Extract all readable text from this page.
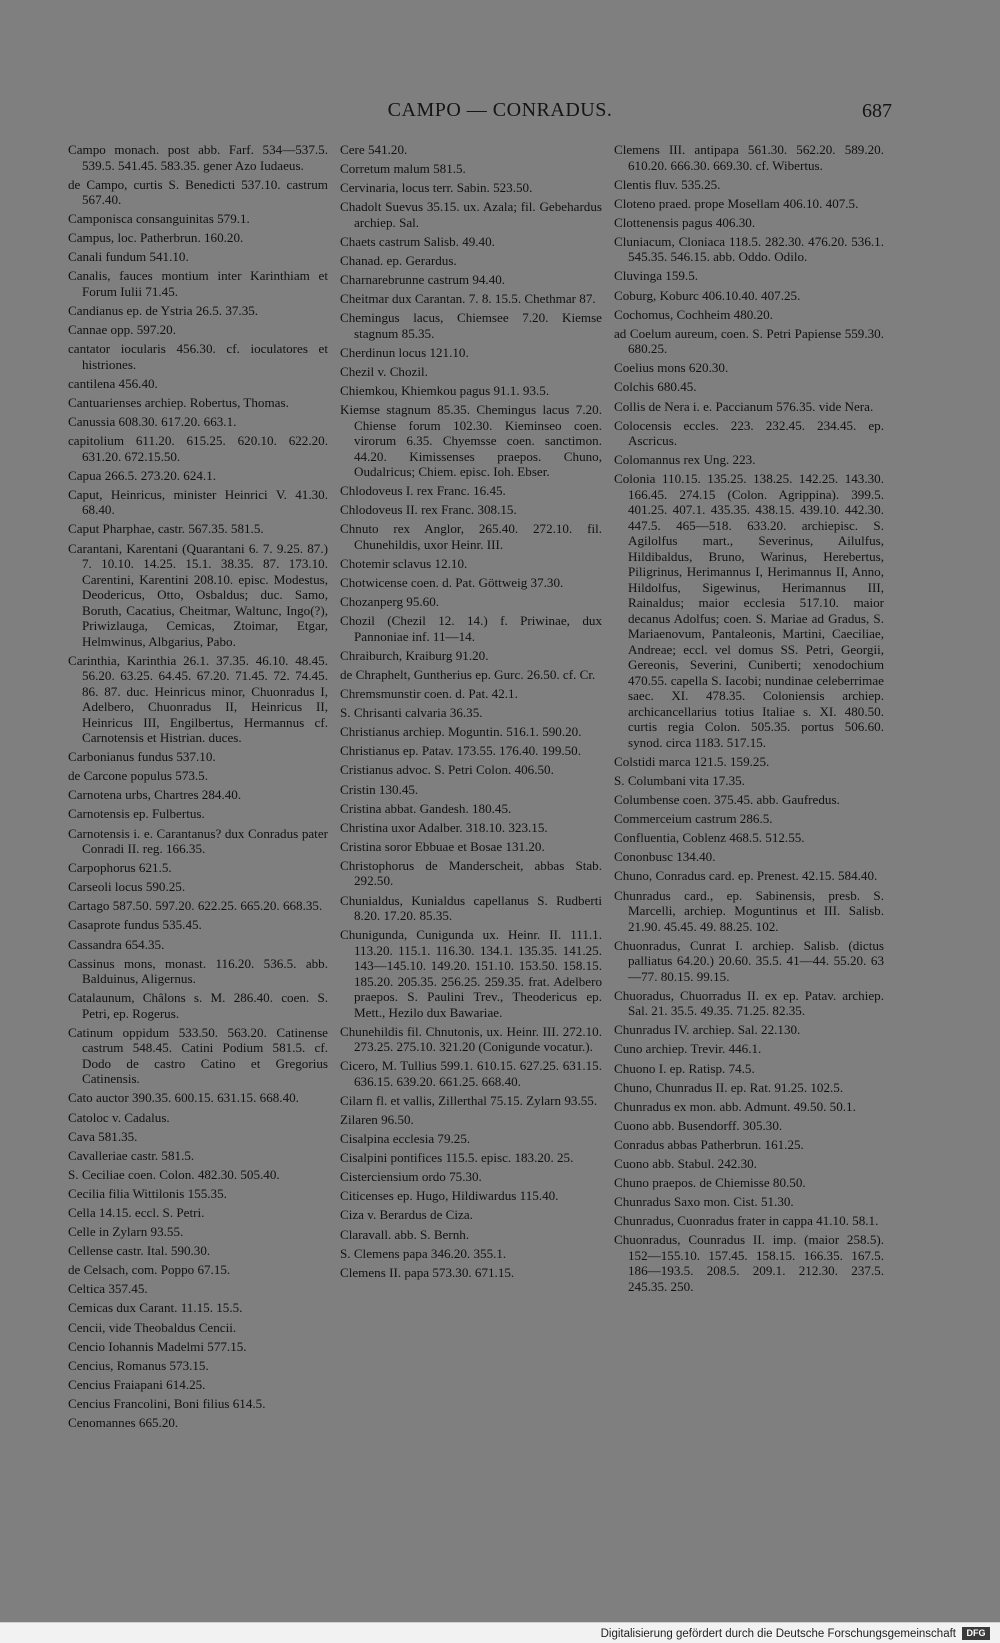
CAMPO — CONRADUS.	687

Campo monach. post abb. Farf. 534—537.5. 539.5. 541.45. 583.35. gener Azo Iudaeus.

de Campo, curtis S. Benedicti 537.10. castrum 567.40.

Camponisca consanguinitas 579.1.

Campus, loc. Patherbrun. 160.20.

Canali fundum 541.10.

Canalis, fauces montium inter Karinthiam et Forum Iulii 71.45.

Candianus ep. de Ystria 26.5. 37.35.

Cannae opp. 597.20.

cantator iocularis 456.30. cf. ioculatores et histriones.

cantilena 456.40.

Cantuarienses archiep. Robertus, Thomas.

Canussia 608.30. 617.20. 663.1.

capitolium 611.20. 615.25. 620.10. 622.20. 631.20. 672.15.50.

Capua 266.5. 273.20. 624.1.

Caput, Heinricus, minister Heinrici V. 41.30. 68.40.

Caput Pharphae, castr. 567.35. 581.5.

Carantani, Karentani (Quarantani 6. 7. 9.25. 87.) 7. 10.10. 14.25. 15.1. 38.35. 87. 173.10. Carentini, Karentini 208.10. episc. Modestus, Deodericus, Otto, Osbaldus; duc. Samo, Boruth, Cacatius, Cheitmar, Waltunc, Ingo(?), Priwizlauga, Cemicas, Ztoimar, Etgar, Helmwinus, Albgarius, Pabo.

Carinthia, Karinthia 26.1. 37.35. 46.10. 48.45. 56.20. 63.25. 64.45. 67.20. 71.45. 72. 74.45. 86. 87. duc. Heinricus minor, Chuonradus I, Adelbero, Chuonradus II, Heinricus II, Heinricus III, Engilbertus, Hermannus cf. Carnotensis et Histrian. duces.

Carbonianus fundus 537.10.

de Carcone populus 573.5.

Carnotena urbs, Chartres 284.40.

Carnotensis ep. Fulbertus.

Carnotensis i. e. Carantanus? dux Conradus pater Conradi II. reg. 166.35.

Carpophorus 621.5.

Carseoli locus 590.25.

Cartago 587.50. 597.20. 622.25. 665.20. 668.35.

Casaprote fundus 535.45.

Cassandra 654.35.

Cassinus mons, monast. 116.20. 536.5. abb. Balduinus, Aligernus.

Catalaunum, Châlons s. M. 286.40. coen. S. Petri, ep. Rogerus.

Catinum oppidum 533.50. 563.20. Catinense castrum 548.45. Catini Podium 581.5. cf. Dodo de castro Catino et Gregorius Catinensis.

Cato auctor 390.35. 600.15. 631.15. 668.40.

Catoloc v. Cadalus.

Cava 581.35.

Cavalleriae castr. 581.5.

S. Ceciliae coen. Colon. 482.30. 505.40.

Cecilia filia Wittilonis 155.35.

Cella 14.15. eccl. S. Petri.

Celle in Zylarn 93.55.

Cellense castr. Ital. 590.30.

de Celsach, com. Poppo 67.15.

Celtica 357.45.

Cemicas dux Carant. 11.15. 15.5.

Cencii, vide Theobaldus Cencii.

Cencio Iohannis Madelmi 577.15.

Cencius, Romanus 573.15.

Cencius Fraiapani 614.25.

Cencius Francolini, Boni filius 614.5.

Cenomannes 665.20.

Cere 541.20.

Corretum malum 581.5.

Cervinaria, locus terr. Sabin. 523.50.

Chadolt Suevus 35.15. ux. Azala; fil. Gebehardus archiep. Sal.

Chaets castrum Salisb. 49.40.

Chanad. ep. Gerardus.

Charnarebrunne castrum 94.40.

Cheitmar dux Carantan. 7. 8. 15.5. Chethmar 87.

Chemingus lacus, Chiemsee 7.20. Kiemse stagnum 85.35.

Cherdinun locus 121.10.

Chezil v. Chozil.

Chiemkou, Khiemkou pagus 91.1. 93.5.

Kiemse stagnum 85.35. Chemingus lacus 7.20. Chiense forum 102.30. Kieminseo coen. virorum 6.35. Chyemsse coen. sanctimon. 44.20. Kimissenses praepos. Chuno, Oudalricus; Chiem. episc. Ioh. Ebser.

Chlodoveus I. rex Franc. 16.45.

Chlodoveus II. rex Franc. 308.15.

Chnuto rex Anglor, 265.40. 272.10. fil. Chunehildis, uxor Heinr. III.

Chotemir sclavus 12.10.

Chotwicense coen. d. Pat. Göttweig 37.30.

Chozanperg 95.60.

Chozil (Chezil 12. 14.) f. Priwinae, dux Pannoniae inf. 11—14.

Chraiburch, Kraiburg 91.20.

de Chraphelt, Guntherius ep. Gurc. 26.50. cf. Cr.

Chremsmunstir coen. d. Pat. 42.1.

S. Chrisanti calvaria 36.35.

Christianus archiep. Moguntin. 516.1. 590.20.

Christianus ep. Patav. 173.55. 176.40. 199.50.

Cristianus advoc. S. Petri Colon. 406.50.

Cristin 130.45.

Cristina abbat. Gandesh. 180.45.

Christina uxor Adalber. 318.10. 323.15.

Cristina soror Ebbuae et Bosae 131.20.

Christophorus de Manderscheit, abbas Stab. 292.50.

Chunialdus, Kunialdus capellanus S. Rudberti 8.20. 17.20. 85.35.

Chunigunda, Cunigunda ux. Heinr. II. 111.1. 113.20. 115.1. 116.30. 134.1. 135.35. 141.25. 143—145.10. 149.20. 151.10. 153.50. 158.15. 185.20. 205.35. 256.25. 259.35. frat. Adelbero praepos. S. Paulini Trev., Theodericus ep. Mett., Hezilo dux Bawariae.

Chunehildis fil. Chnutonis, ux. Heinr. III. 272.10. 273.25. 275.10. 321.20 (Conigunde vocatur.).

Cicero, M. Tullius 599.1. 610.15. 627.25. 631.15. 636.15. 639.20. 661.25. 668.40.

Cilarn fl. et vallis, Zillerthal 75.15. Zylarn 93.55.

Zilaren 96.50.

Cisalpina ecclesia 79.25.

Cisalpini pontifices 115.5. episc. 183.20. 25.

Cisterciensium ordo 75.30.

Citicenses ep. Hugo, Hildiwardus 115.40.

Ciza v. Berardus de Ciza.

Claravall. abb. S. Bernh.

S. Clemens papa 346.20. 355.1.

Clemens II. papa 573.30. 671.15.

Clemens III. antipapa 561.30. 562.20. 589.20. 610.20. 666.30. 669.30. cf. Wibertus.

Clentis fluv. 535.25.

Cloteno praed. prope Mosellam 406.10. 407.5.

Clottenensis pagus 406.30.

Cluniacum, Cloniaca 118.5. 282.30. 476.20. 536.1. 545.35. 546.15. abb. Oddo. Odilo.

Cluvinga 159.5.

Coburg, Koburc 406.10.40. 407.25.

Cochomus, Cochheim 480.20.

ad Coelum aureum, coen. S. Petri Papiense 559.30. 680.25.

Coelius mons 620.30.

Colchis 680.45.

Collis de Nera i. e. Paccianum 576.35. vide Nera.

Colocensis eccles. 223. 232.45. 234.45. ep. Ascricus.

Colomannus rex Ung. 223.

Colonia 110.15. 135.25. 138.25. 142.25. 143.30. 166.45. 274.15 (Colon. Agrippina). 399.5. 401.25. 407.1. 435.35. 438.15. 439.10. 442.30. 447.5. 465—518. 633.20. archiepisc. S. Agilolfus mart., Severinus, Ailulfus, Hildibaldus, Bruno, Warinus, Herebertus, Piligrinus, Herimannus I, Herimannus II, Anno, Hildolfus, Sigewinus, Herimannus III, Rainaldus; maior ecclesia 517.10. maior decanus Adolfus; coen. S. Mariae ad Gradus, S. Mariaenovum, Pantaleonis, Martini, Caeciliae, Andreae; eccl. vel domus SS. Petri, Georgii, Gereonis, Severini, Cuniberti; xenodochium 470.55. capella S. Iacobi; nundinae celeberrimae saec. XI. 478.35. Coloniensis archiep. archicancellarius totius Italiae s. XI. 480.50. curtis regia Colon. 505.35. portus 506.60. synod. circa 1183. 517.15.

Colstidi marca 121.5. 159.25.

S. Columbani vita 17.35.

Columbense coen. 375.45. abb. Gaufredus.

Commerceium castrum 286.5.

Confluentia, Coblenz 468.5. 512.55.

Cononbusc 134.40.

Chuno, Conradus card. ep. Prenest. 42.15. 584.40.

Chunradus card., ep. Sabinensis, presb. S. Marcelli, archiep. Moguntinus et III. Salisb. 21.90. 45.45. 49. 88.25. 102.

Chuonradus, Cunrat I. archiep. Salisb. (dictus palliatus 64.20.) 20.60. 35.5. 41—44. 55.20. 63—77. 80.15. 99.15.

Chuoradus, Chuorradus II. ex ep. Patav. archiep. Sal. 21. 35.5. 49.35. 71.25. 82.35.

Chunradus IV. archiep. Sal. 22.130.

Cuno archiep. Trevir. 446.1.

Chuono I. ep. Ratisp. 74.5.

Chuno, Chunradus II. ep. Rat. 91.25. 102.5.

Chunradus ex mon. abb. Admunt. 49.50. 50.1.

Cuono abb. Busendorff. 305.30.

Conradus abbas Patherbrun. 161.25.

Cuono abb. Stabul. 242.30.

Chuno praepos. de Chiemisse 80.50.

Chunradus Saxo mon. Cist. 51.30.

Chunradus, Cuonradus frater in cappa 41.10. 58.1.

Chuonradus, Counradus II. imp. (maior 258.5). 152—155.10. 157.45. 158.15. 166.35. 167.5. 186—193.5. 208.5. 209.1. 212.30. 237.5. 245.35. 250.

Digitalisierung gefördert durch die Deutsche Forschungsgemeinschaft	DFG
